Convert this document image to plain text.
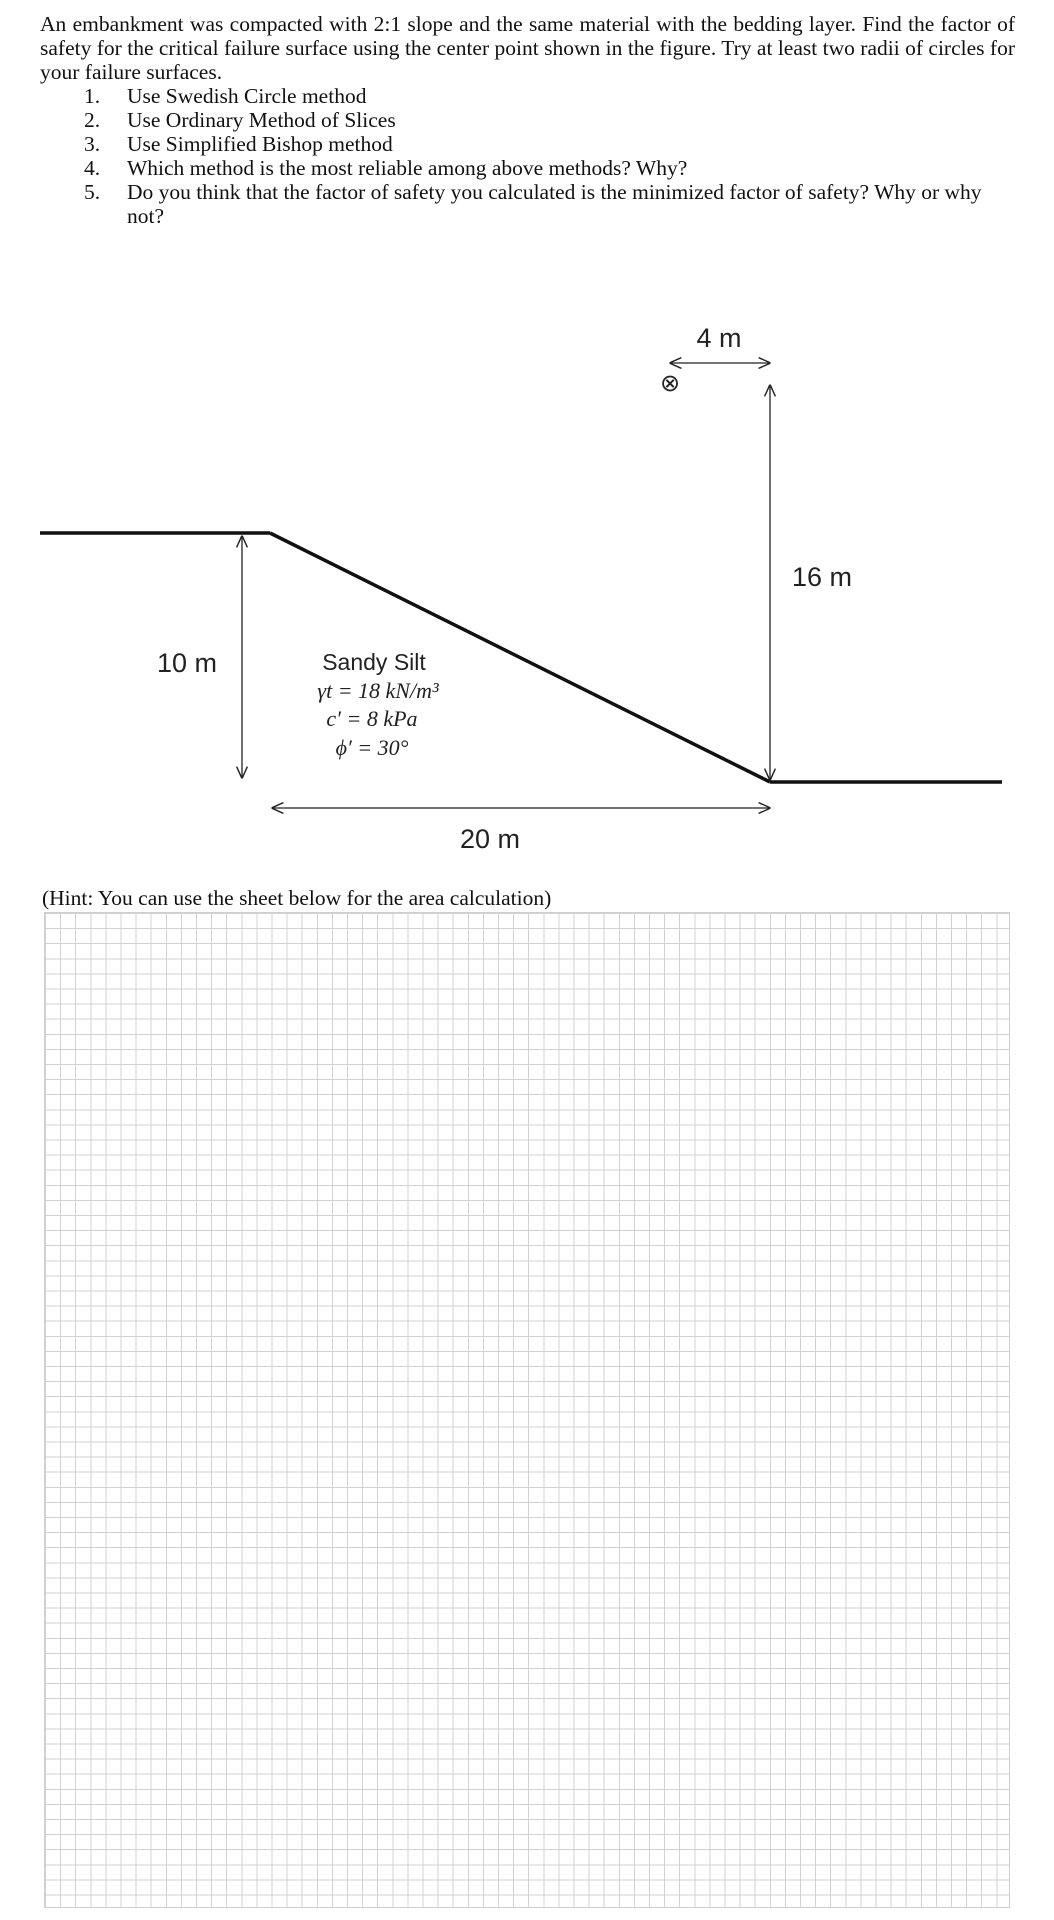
An embankment was compacted with 2:1 slope and the same material with the bedding layer. Find the factor of safety for the critical failure surface using the center point shown in the figure. Try at least two radii of circles for your failure surfaces.

1. Use Swedish Circle method
2. Use Ordinary Method of Slices
3. Use Simplified Bishop method
4. Which method is the most reliable among above methods? Why?
5. Do you think that the factor of safety you calculated is the minimized factor of safety? Why or why not?
⊗
4 m
16 m
10 m
20 m
Sandy Silt
γt = 18 kN/m³
c′ = 8 kPa
ϕ′ = 30°
(Hint: You can use the sheet below for the area calculation)
